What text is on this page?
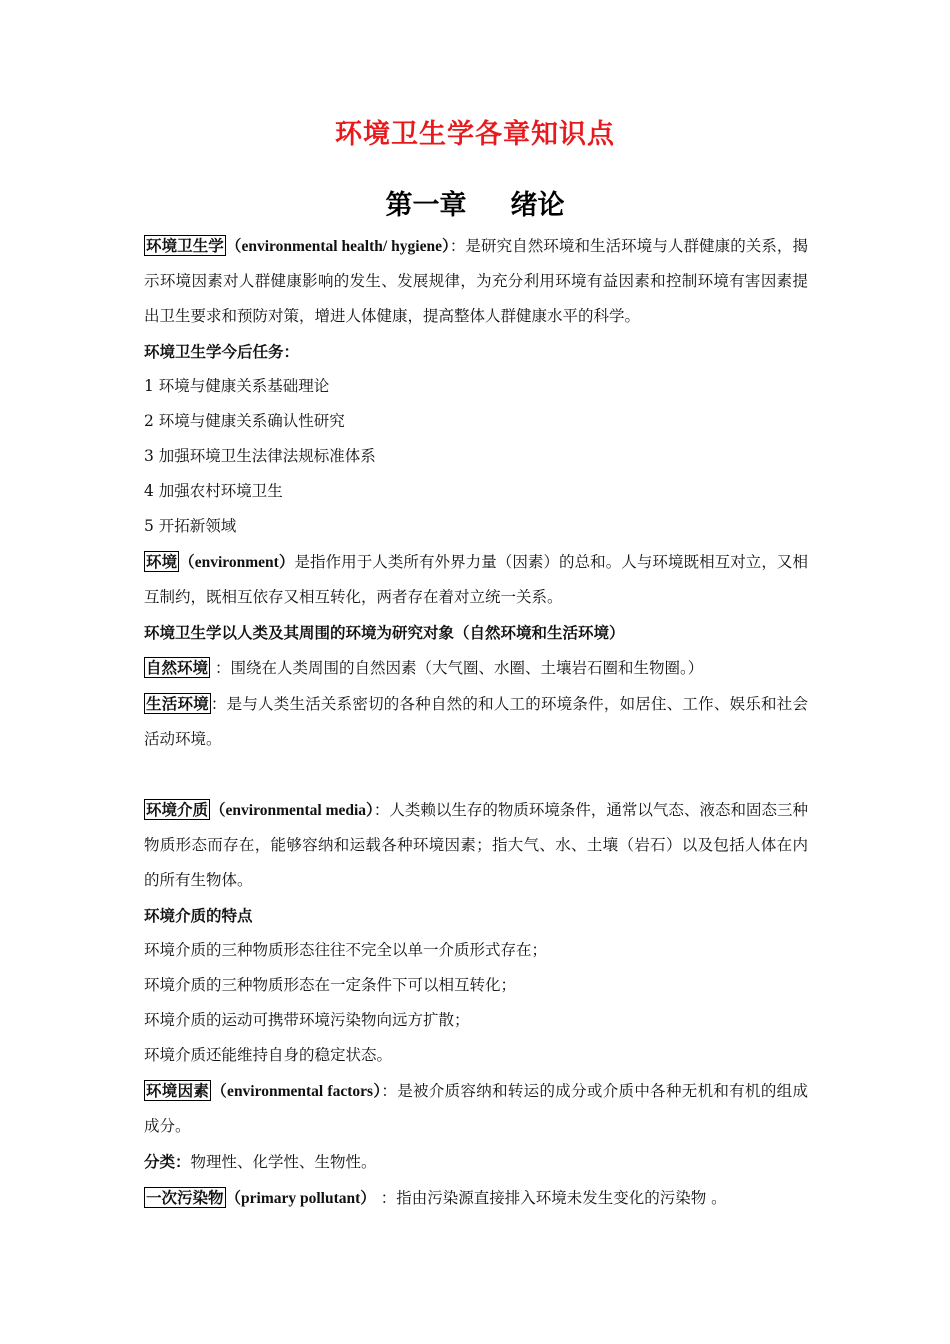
环境卫生学各章知识点
第一章 绪论

环境卫生学 （environmental health/ hygiene）：是研究自然环境和生活环境与人群健康的关系，揭示环境因素对人群健康影响的发生、发展规律，为充分利用环境有益因素和控制环境有害因素提出卫生要求和预防对策，增进人体健康，提高整体人群健康水平的科学。

环境卫生学今后任务：

1 环境与健康关系基础理论

2 环境与健康关系确认性研究

3 加强环境卫生法律法规标准体系

4 加强农村环境卫生

5 开拓新领域

环境 （environment）是指作用于人类所有外界力量（因素）的总和。人与环境既相互对立，又相互制约，既相互依存又相互转化，两者存在着对立统一关系。

环境卫生学以人类及其周围的环境为研究对象（自然环境和生活环境）

自然环境 ：围绕在人类周围的自然因素（大气圈、水圈、土壤岩石圈和生物圈。）

生活环境 ：是与人类生活关系密切的各种自然的和人工的环境条件，如居住、工作、娱乐和社会活动环境。

环境介质 （environmental media）：人类赖以生存的物质环境条件，通常以气态、液态和固态三种物质形态而存在，能够容纳和运载各种环境因素；指大气、水、土壤（岩石）以及包括人体在内的所有生物体。

环境介质的特点

环境介质的三种物质形态往往不完全以单一介质形式存在；

环境介质的三种物质形态在一定条件下可以相互转化；

环境介质的运动可携带环境污染物向远方扩散；

环境介质还能维持自身的稳定状态。

环境因素 （environmental factors）：是被介质容纳和转运的成分或介质中各种无机和有机的组成成分。

分类：物理性、化学性、生物性。

一次污染物 （primary pollutant） ：指由污染源直接排入环境未发生变化的污染物 。
